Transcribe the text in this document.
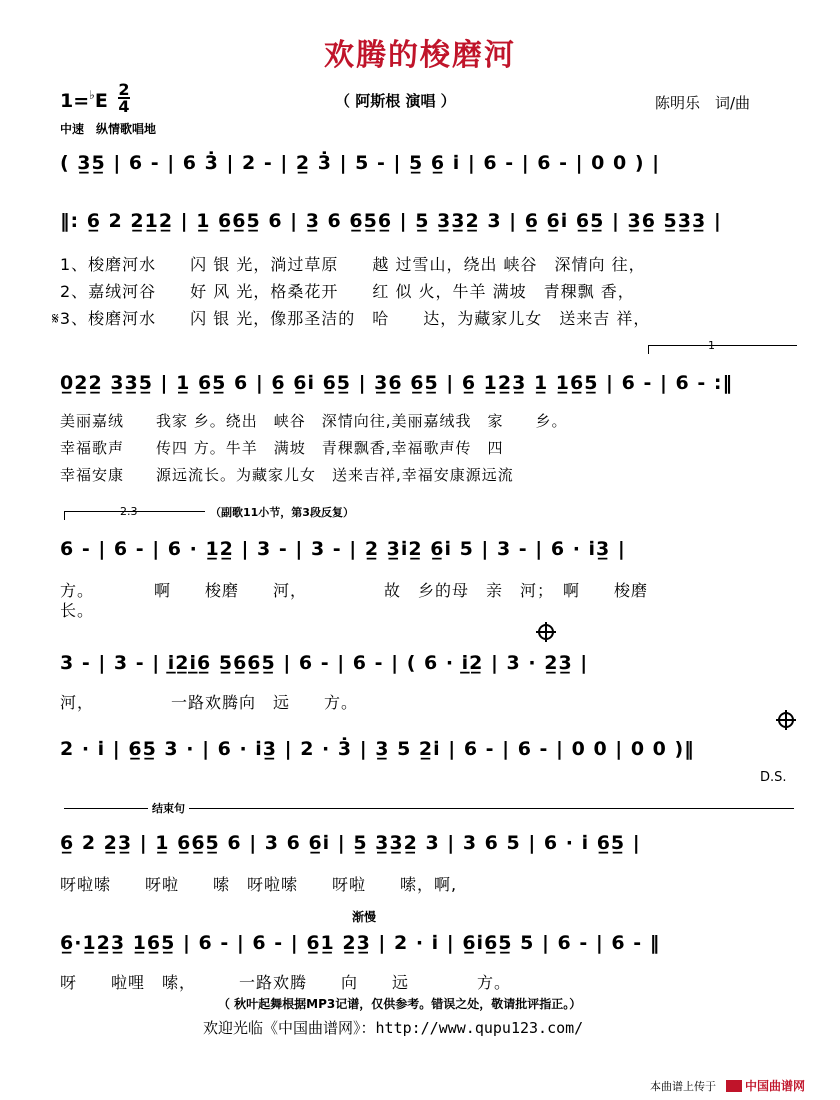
欢腾的梭磨河
1=♭E
2
4	（ 阿斯根 演唱 ）	陈明乐　词/曲
中速　纵情歌唱地
( 3̲5̲ | 6 - | 6 3̇ | 2 - | 2̲ 3̇ | 5 - | 5̲ 6̲ i̇ | 6 - | 6 - | 0 0 ) |
‖: 6̲ 2 2̲1̲2̲ | 1̲ 6̲6̲5̲ 6 | 3̲ 6 6̲5̲6̲ | 5̲ 3̲3̲2̲ 3 | 6̲ 6̲i̇ 6̲5̲ | 3̲6̲ 5̲3̲3̲ |
1、梭磨河水　　闪 银 光，淌过草原　　越 过雪山，绕出 峡谷　深情向 往，
2、嘉绒河谷　　好 风 光，格桑花开　　红 似 火，牛羊 满坡　青稞飘 香，
𝄋3、梭磨河水　　闪 银 光，像那圣洁的　哈　　达，为藏家儿女　送来吉 祥，
1
0̲2̲2̲ 3̲3̲5̲ | 1̲ 6̲5̲ 6 | 6̲ 6̲i̇ 6̲5̲ | 3̲6̲ 6̲5̲ | 6̲ 1̲2̲3̲ 1̲ 1̲6̲5̲ | 6 - | 6 - :‖
美丽嘉绒　　我家 乡。绕出　峡谷　深情向往,美丽嘉绒我　家　　乡。
幸福歌声　　传四 方。牛羊　满坡　青稞飘香,幸福歌声传　四
幸福安康　　源远流长。为藏家儿女　送来吉祥,幸福安康源远流
2.3	（副歌11小节，第3段反复）
6 - | 6 - | 6 · 1̲2̲ | 3 - | 3 - | 2̲ 3̲i̇2̲ 6̲i̇ 5 | 3 - | 6 · i̇3̲ |
方。　　　　啊　　梭磨　　河，　　　　　故　乡的母　亲　河；　啊　　梭磨
长。
3 - | 3 - | i̲2̲i̲6̲ 5̲6̲6̲5̲ | 6 - | 6 - | ( 6 · i̲2̲ | 3 · 2̲3̲ |
河，　　　　　一路欢腾向　远　　方。
2 · i̇ | 6̲5̲ 3 · | 6 · i̇3̲ | 2 · 3̇ | 3̲ 5 2̲i̇ | 6 - | 6 - | 0 0 | 0 0 )‖
D.S.
结束句
6̲ 2 2̲3̲ | 1̲ 6̲6̲5̲ 6 | 3 6 6̲i̇ | 5̲ 3̲3̲2̲ 3 | 3 6 5 | 6 · i̇ 6̲5̲ |
呀啦嗦　　呀啦　　嗦　呀啦嗦　　呀啦　　嗦，啊,
渐慢
6̲·1̲2̲3̲ 1̲6̲5̲ | 6 - | 6 - | 6̲1̲ 2̲3̲ | 2 · i̇ | 6̲i̇6̲5̲ 5 | 6 - | 6 - ‖
呀　　啦哩　嗦，　　　一路欢腾　　向　　远　　　　方。
（ 秋叶起舞根据MP3记谱，仅供参考。错误之处，敬请批评指正。）
欢迎光临《中国曲谱网》：http://www.qupu123.com/
本曲谱上传于	中国曲谱网
